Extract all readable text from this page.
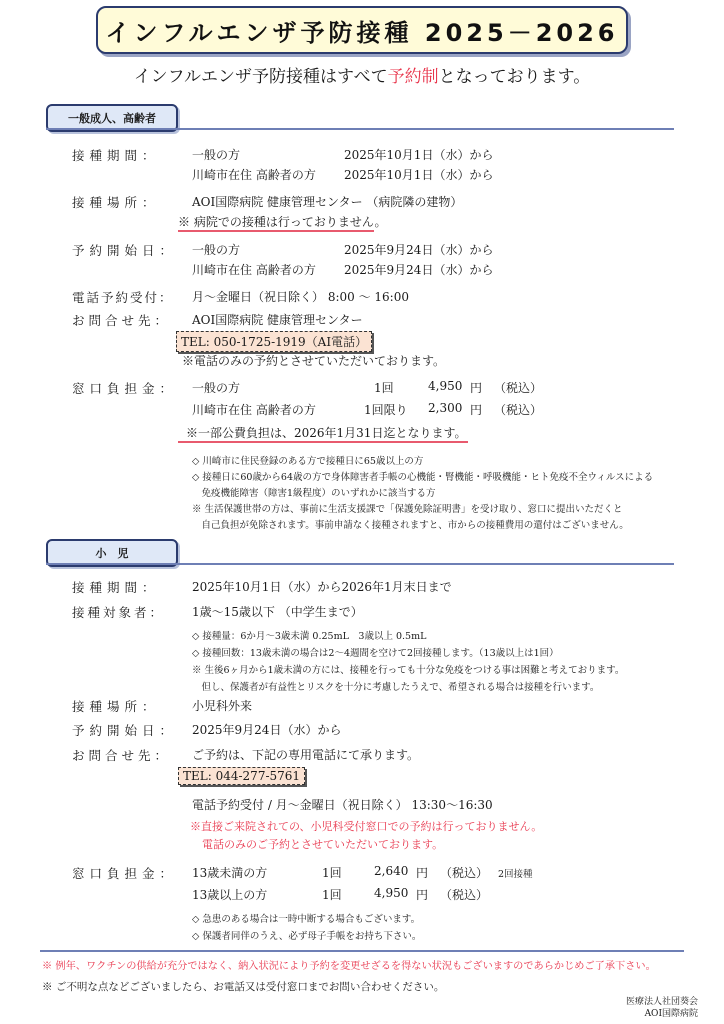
インフルエンザ予防接種 2025－2026
インフルエンザ予防接種はすべて予約制となっております。
一般成人、高齢者
接種期間：	一般の方	2025年10月1日（水）から
川崎市在住 高齢者の方 2025年10月1日（水）から
接種場所：	AOI国際病院 健康管理センター （病院隣の建物）
※ 病院での接種は行っておりません。
予約開始日： 一般の方	2025年9月24日（水）から
川崎市在住 高齢者の方 2025年9月24日（水）から
電話予約受付： 月～金曜日（祝日除く） 8:00 ～ 16:00
お問合せ先： AOI国際病院 健康管理センター
TEL: 050-1725-1919（AI電話）
※電話のみの予約とさせていただいております。
窓口負担金： 一般の方	1回	4,950 円 （税込）
川崎市在住 高齢者の方	1回限り 2,300 円 （税込）
※一部公費負担は、2026年1月31日迄となります。
◇ 川崎市に住民登録のある方で接種日に65歳以上の方
◇ 接種日に60歳から64歳の方で身体障害者手帳の心機能・腎機能・呼吸機能・ヒト免疫不全ウィルスによる
　免疫機能障害（障害1級程度）のいずれかに該当する方
※ 生活保護世帯の方は、事前に生活支援課で「保護免除証明書」を受け取り、窓口に提出いただくと
　自己負担が免除されます。事前申請なく接種されますと、市からの接種費用の還付はございません。
小　児
接種期間：	2025年10月1日（水）から2026年1月末日まで
接種対象者： 1歳～15歳以下 （中学生まで）
◇ 接種量：6か月～3歳未満 0.25mL　3歳以上 0.5mL
◇ 接種回数：13歳未満の場合は2～4週間を空けて2回接種します。（13歳以上は1回）
※ 生後6ヶ月から1歳未満の方には、接種を行っても十分な免疫をつける事は困難と考えております。
　但し、保護者が有益性とリスクを十分に考慮したうえで、希望される場合は接種を行います。
接種場所：	小児科外来
予約開始日： 2025年9月24日（水）から
お問合せ先： ご予約は、下記の専用電話にて承ります。
TEL: 044-277-5761
電話予約受付 / 月～金曜日（祝日除く） 13:30～16:30
※直接ご来院されての、小児科受付窓口での予約は行っておりません。
電話のみのご予約とさせていただいております。
窓口負担金： 13歳未満の方	1回	2,640 円 （税込） 2回接種
13歳以上の方	1回	4,950 円 （税込）
◇ 急患のある場合は一時中断する場合もございます。
◇ 保護者同伴のうえ、必ず母子手帳をお持ち下さい。
※ 例年、ワクチンの供給が充分ではなく、納入状況により予約を変更せざるを得ない状況もございますのであらかじめご了承下さい。
※ ご不明な点などございましたら、お電話又は受付窓口までお問い合わせください。
医療法人社団葵会
AOI国際病院
